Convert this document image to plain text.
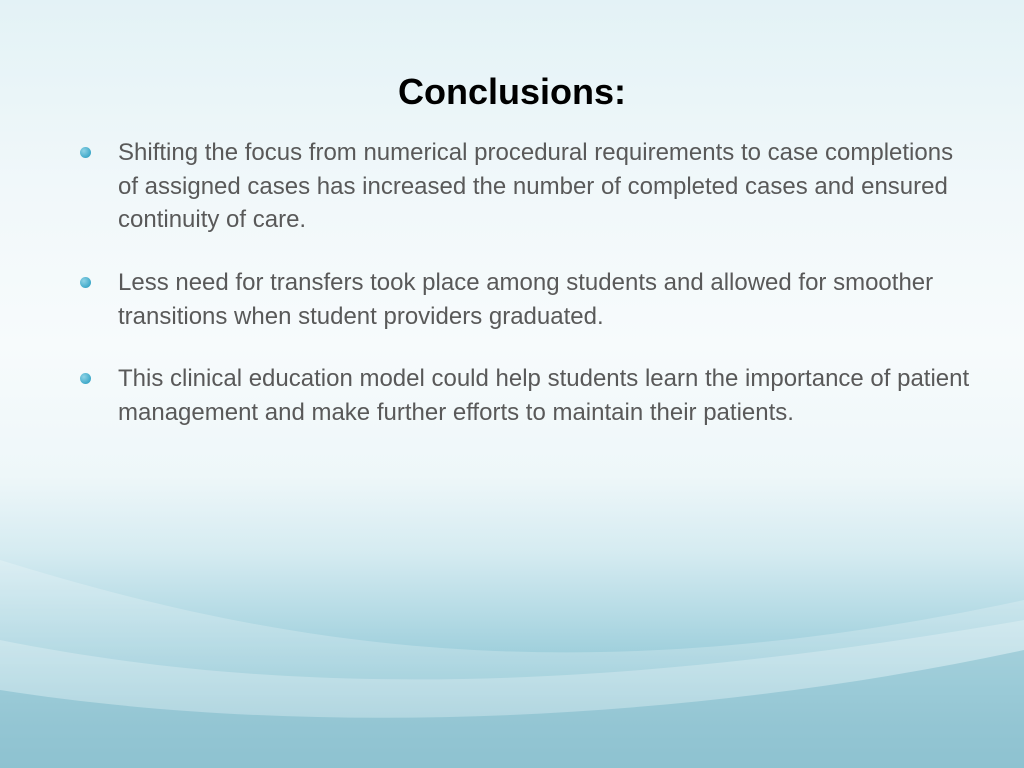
Conclusions:
Shifting the focus from numerical procedural requirements to case completions of assigned cases has increased the number of completed cases and ensured continuity of care.
Less need for transfers took place among students and allowed for smoother transitions when student providers graduated.
This clinical education model could help students learn the importance of patient management and make further efforts to maintain their patients.
